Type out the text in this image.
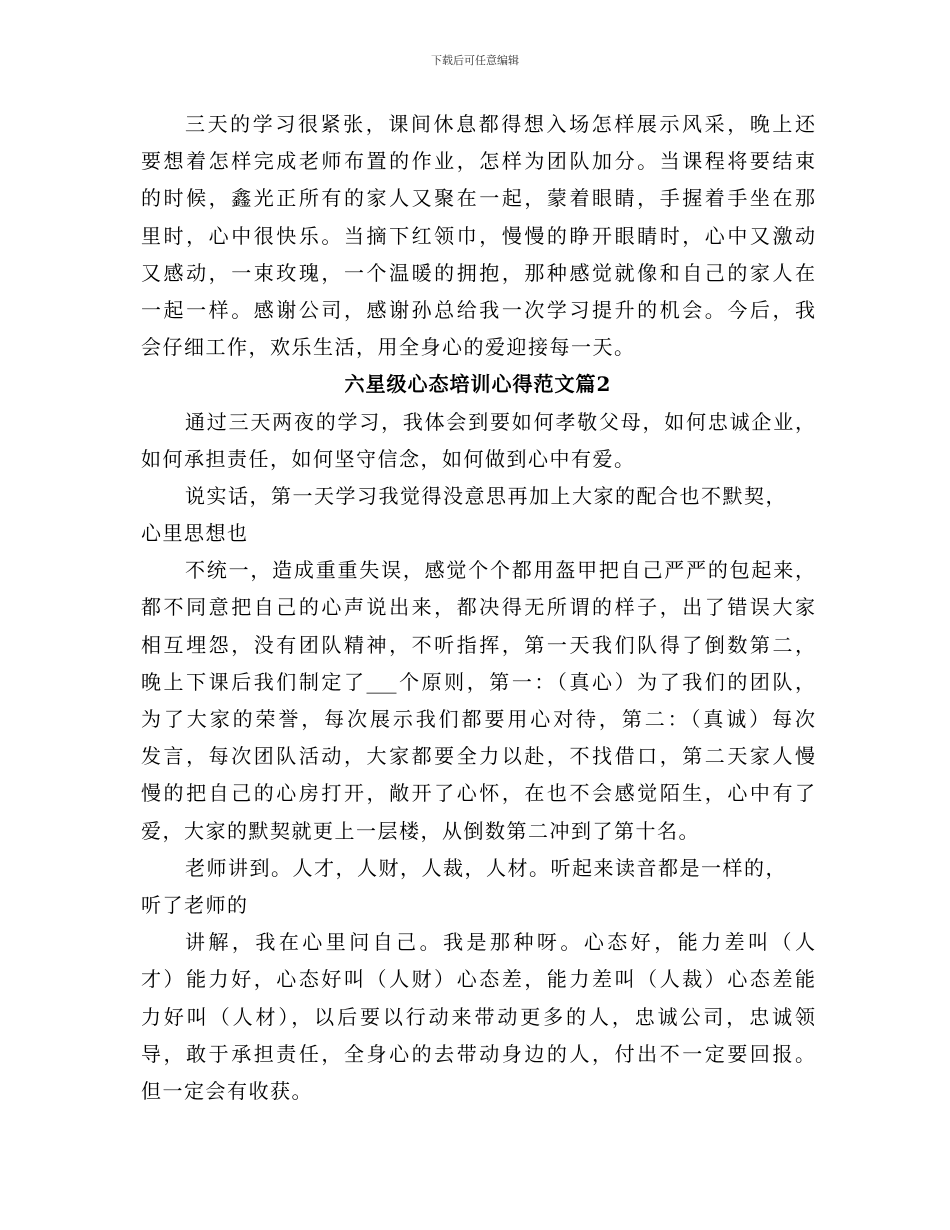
下载后可任意编辑
三天的学习很紧张，课间休息都得想入场怎样展示风采，晚上还
要想着怎样完成老师布置的作业，怎样为团队加分。当课程将要结束
的时候，鑫光正所有的家人又聚在一起，蒙着眼睛，手握着手坐在那
里时，心中很快乐。当摘下红领巾，慢慢的睁开眼睛时，心中又激动
又感动，一束玫瑰，一个温暖的拥抱，那种感觉就像和自己的家人在
一起一样。感谢公司，感谢孙总给我一次学习提升的机会。今后，我
会仔细工作，欢乐生活，用全身心的爱迎接每一天。
六星级心态培训心得范文篇2
通过三天两夜的学习，我体会到要如何孝敬父母，如何忠诚企业，
如何承担责任，如何坚守信念，如何做到心中有爱。
说实话，第一天学习我觉得没意思再加上大家的配合也不默契，
心里思想也
不统一，造成重重失误，感觉个个都用盔甲把自己严严的包起来，
都不同意把自己的心声说出来，都决得无所谓的样子，出了错误大家
相互埋怨，没有团队精神，不听指挥，第一天我们队得了倒数第二，
晚上下课后我们制定了___个原则，第一：（真心）为了我们的团队，
为了大家的荣誉，每次展示我们都要用心对待，第二：（真诚）每次
发言，每次团队活动，大家都要全力以赴，不找借口，第二天家人慢
慢的把自己的心房打开，敞开了心怀，在也不会感觉陌生，心中有了
爱，大家的默契就更上一层楼，从倒数第二冲到了第十名。
老师讲到。人才，人财，人裁，人材。听起来读音都是一样的，
听了老师的
讲解，我在心里问自己。我是那种呀。心态好，能力差叫（人
才）能力好，心态好叫（人财）心态差，能力差叫（人裁）心态差能
力好叫（人材），以后要以行动来带动更多的人，忠诚公司，忠诚领
导，敢于承担责任，全身心的去带动身边的人，付出不一定要回报。
但一定会有收获。
